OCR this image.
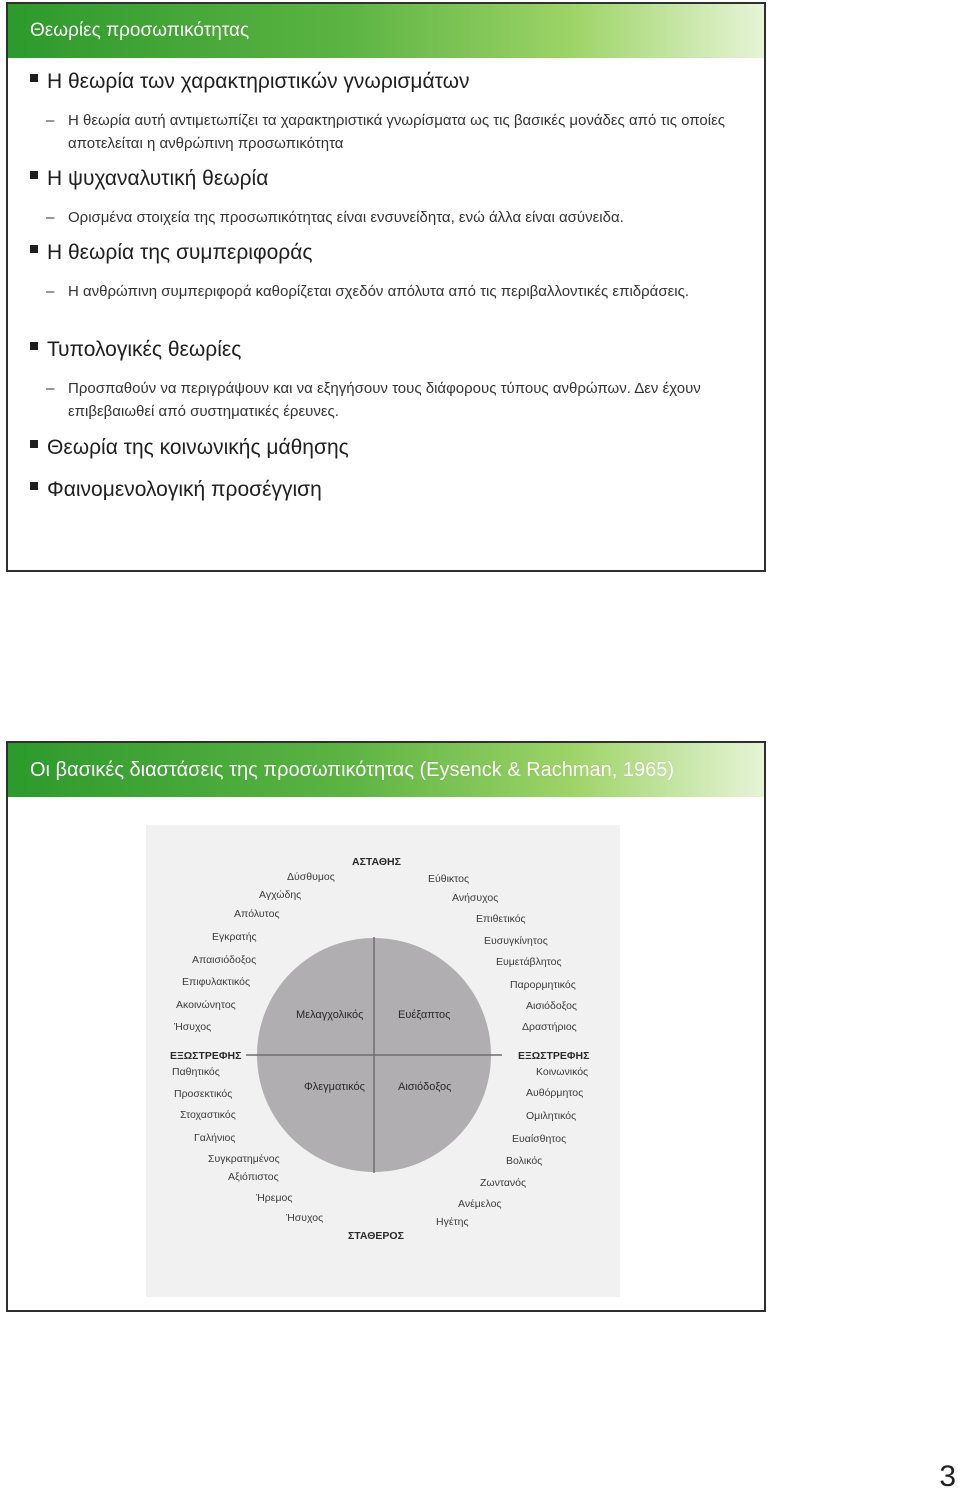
Θεωρίες προσωπικότητας
Η θεωρία των χαρακτηριστικών γνωρισμάτων
– Η θεωρία αυτή αντιμετωπίζει τα χαρακτηριστικά γνωρίσματα ως τις βασικές μονάδες από τις οποίες αποτελείται η ανθρώπινη προσωπικότητα
Η ψυχαναλυτική θεωρία
– Ορισμένα στοιχεία της προσωπικότητας είναι ενσυνείδητα, ενώ άλλα είναι ασύνειδα.
Η θεωρία της συμπεριφοράς
– Η ανθρώπινη συμπεριφορά καθορίζεται σχεδόν απόλυτα από τις περιβαλλοντικές επιδράσεις.
Τυπολογικές θεωρίες
– Προσπαθούν να περιγράψουν και να εξηγήσουν τους διάφορους τύπους ανθρώπων. Δεν έχουν επιβεβαιωθεί από συστηματικές έρευνες.
Θεωρία της κοινωνικής μάθησης
Φαινομενολογική προσέγγιση
Οι βασικές διαστάσεις της προσωπικότητας (Eysenck & Rachman, 1965)
ΑΣΤΑΘΗΣ
ΣΤΑΘΕΡΟΣ
ΕΞΩΣΤΡΕΦΗΣ	ΕΞΩΣΤΡΕΦΗΣ
Μελαγχολικός	Ευέξαπτος
Φλεγματικός	Αισιόδοξος
Δύσθυμος
Αγχώδης
Απόλυτος
Εγκρατής
Απαισιόδοξος
Επιφυλακτικός
Ακοινώνητος
Ήσυχος
Εύθικτος
Ανήσυχος
Επιθετικός
Ευσυγκίνητος
Ευμετάβλητος
Παρορμητικός
Αισιόδοξος
Δραστήριος
Παθητικός
Προσεκτικός
Στοχαστικός
Γαλήνιος
Συγκρατημένος
Αξιόπιστος
Ήρεμος
Ήσυχος
Κοινωνικός
Αυθόρμητος
Ομιλητικός
Ευαίσθητος
Βολικός
Ζωντανός
Ανέμελος
Ηγέτης
3
